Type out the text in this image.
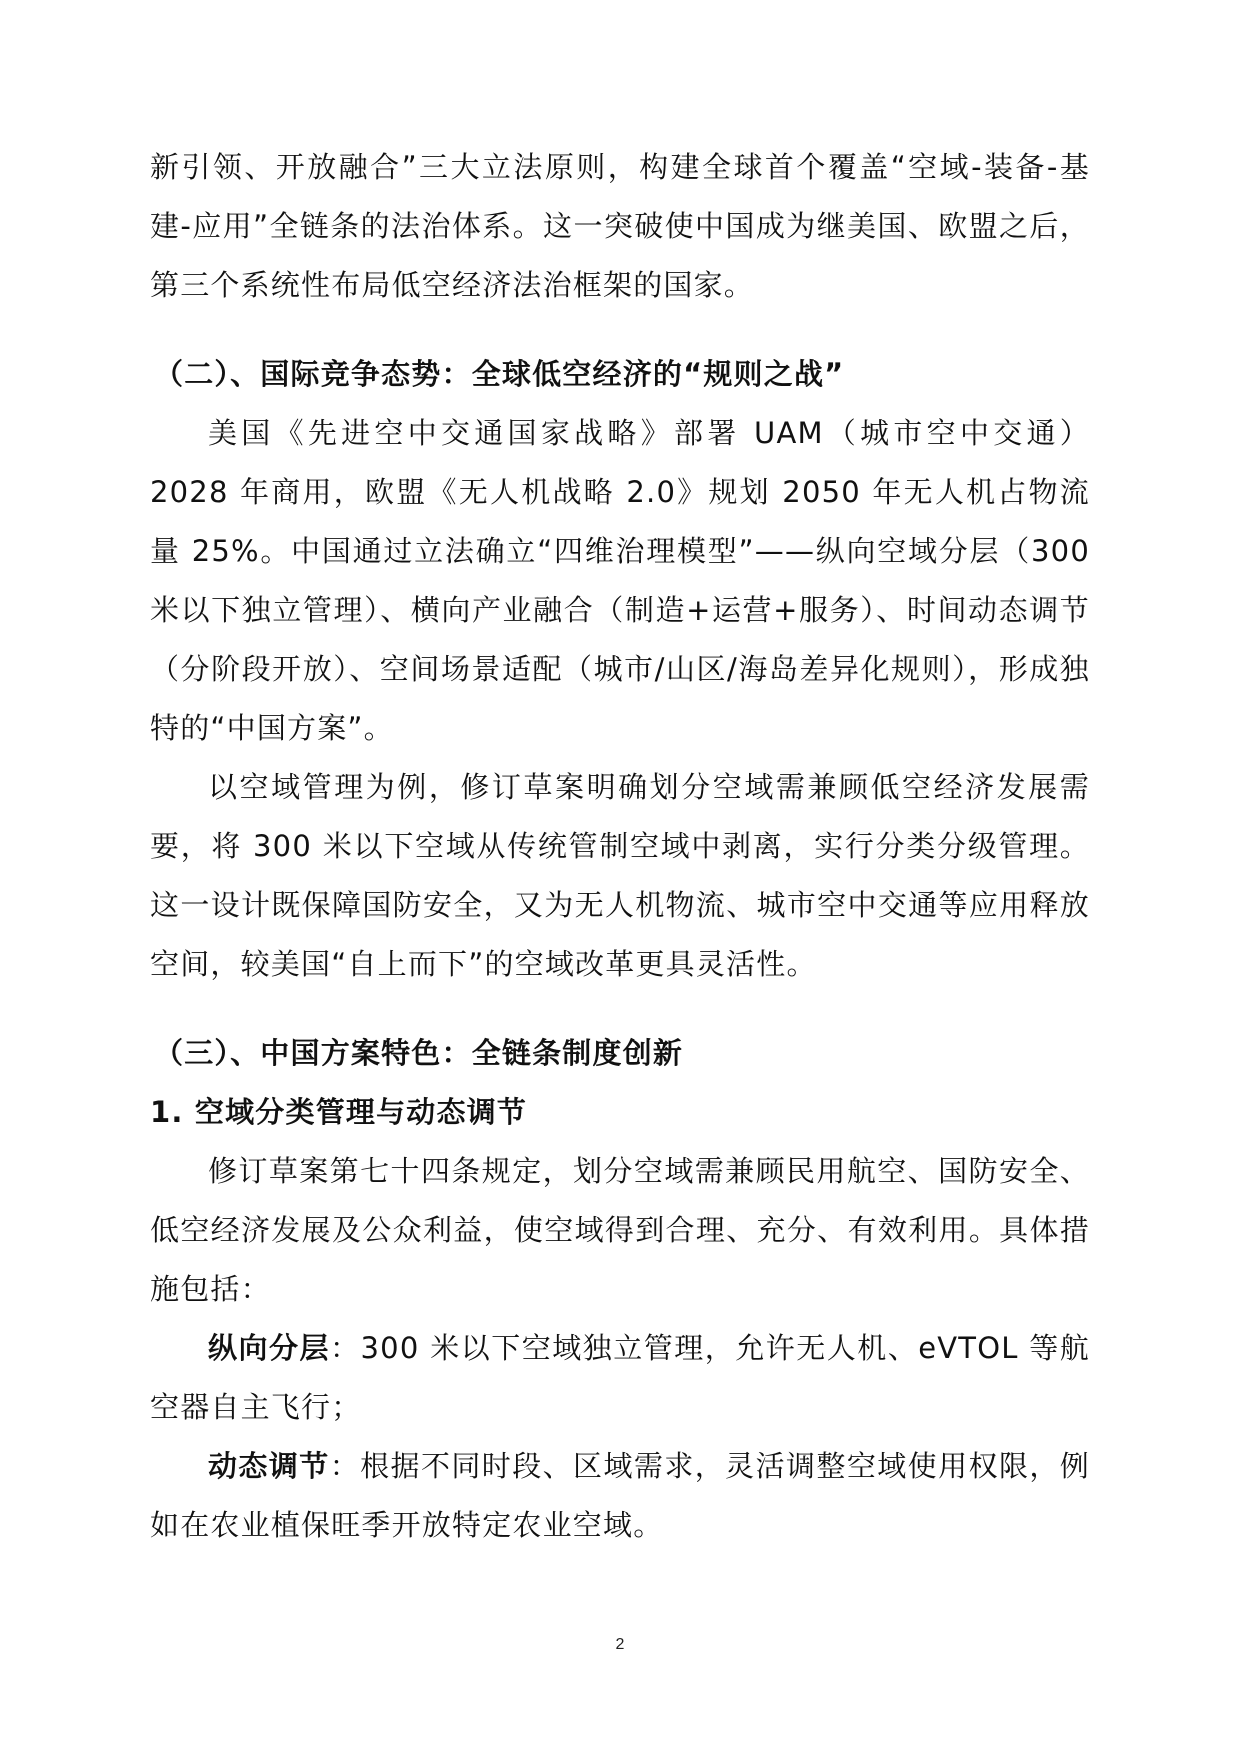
新引领、开放融合”三大立法原则，构建全球首个覆盖“空域-装备-基建-应用”全链条的法治体系。这一突破使中国成为继美国、欧盟之后，第三个系统性布局低空经济法治框架的国家。

（二）、国际竞争态势：全球低空经济的“规则之战”

美国《先进空中交通国家战略》部署 UAM（城市空中交通）2028 年商用，欧盟《无人机战略 2.0》规划 2050 年无人机占物流量 25%。中国通过立法确立“四维治理模型”——纵向空域分层（300 米以下独立管理）、横向产业融合（制造+运营+服务）、时间动态调节（分阶段开放）、空间场景适配（城市/山区/海岛差异化规则），形成独特的“中国方案”。

以空域管理为例，修订草案明确划分空域需兼顾低空经济发展需要，将 300 米以下空域从传统管制空域中剥离，实行分类分级管理。这一设计既保障国防安全，又为无人机物流、城市空中交通等应用释放空间，较美国“自上而下”的空域改革更具灵活性。

（三）、中国方案特色：全链条制度创新
1. 空域分类管理与动态调节

修订草案第七十四条规定，划分空域需兼顾民用航空、国防安全、低空经济发展及公众利益，使空域得到合理、充分、有效利用。具体措施包括：

纵向分层：300 米以下空域独立管理，允许无人机、eVTOL 等航空器自主飞行；

动态调节：根据不同时段、区域需求，灵活调整空域使用权限，例如在农业植保旺季开放特定农业空域。

2
